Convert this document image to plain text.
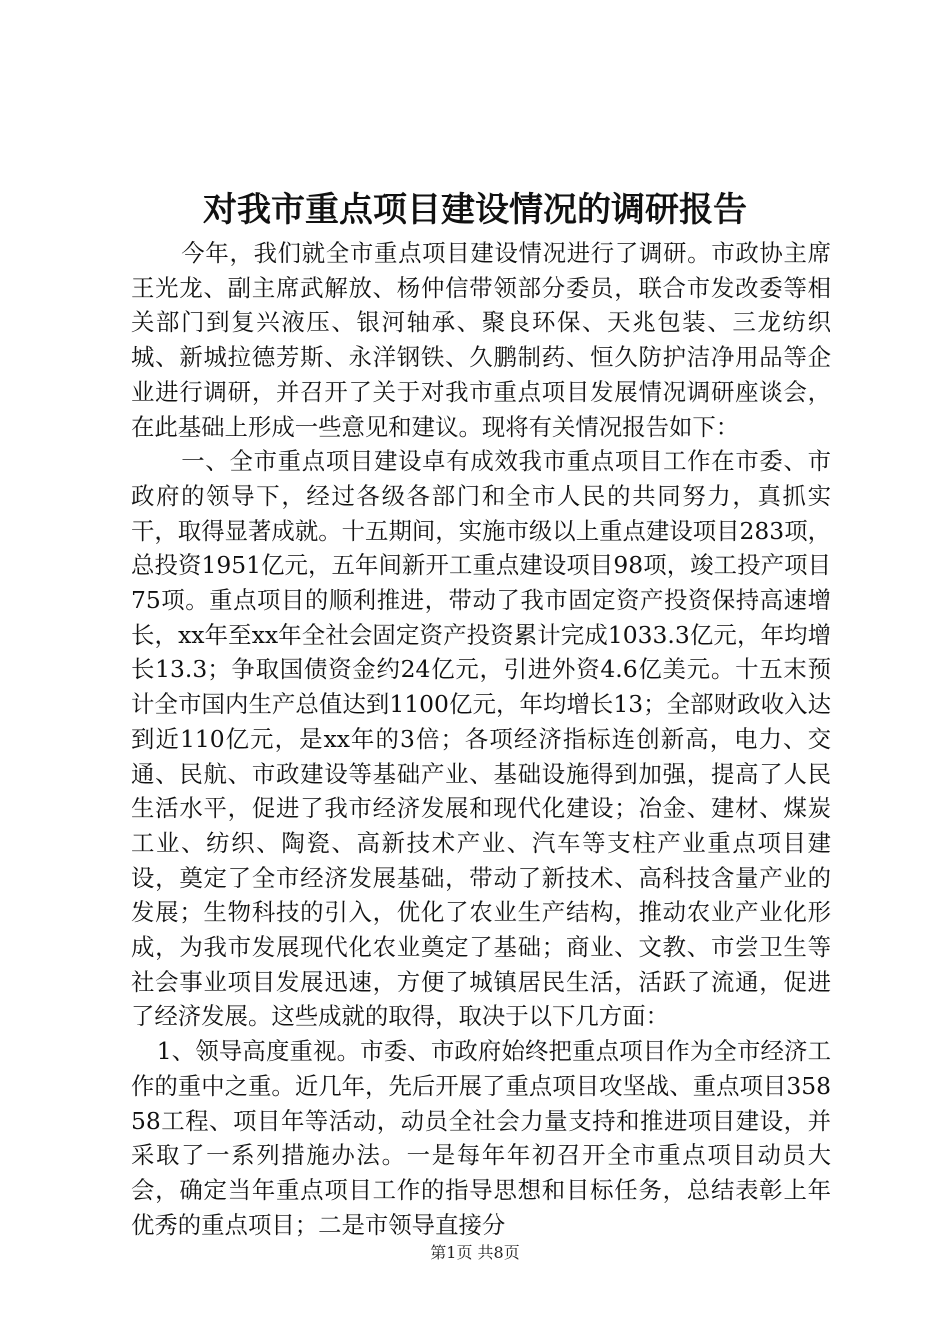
对我市重点项目建设情况的调研报告

今年，我们就全市重点项目建设情况进行了调研。市政协主席王光龙、副主席武解放、杨仲信带领部分委员，联合市发改委等相关部门到复兴液压、银河轴承、聚良环保、天兆包装、三龙纺织城、新城拉德芳斯、永洋钢铁、久鹏制药、恒久防护洁净用品等企业进行调研，并召开了关于对我市重点项目发展情况调研座谈会，在此基础上形成一些意见和建议。现将有关情况报告如下：

一、全市重点项目建设卓有成效我市重点项目工作在市委、市政府的领导下，经过各级各部门和全市人民的共同努力，真抓实干，取得显著成就。十五期间，实施市级以上重点建设项目283项，总投资1951亿元，五年间新开工重点建设项目98项，竣工投产项目75项。重点项目的顺利推进，带动了我市固定资产投资保持高速增长，xx年至xx年全社会固定资产投资累计完成1033.3亿元，年均增长13.3；争取国债资金约24亿元，引进外资4.6亿美元。十五末预计全市国内生产总值达到1100亿元，年均增长13；全部财政收入达到近110亿元，是xx年的3倍；各项经济指标连创新高，电力、交通、民航、市政建设等基础产业、基础设施得到加强，提高了人民生活水平，促进了我市经济发展和现代化建设；冶金、建材、煤炭工业、纺织、陶瓷、高新技术产业、汽车等支柱产业重点项目建设，奠定了全市经济发展基础，带动了新技术、高科技含量产业的发展；生物科技的引入，优化了农业生产结构，推动农业产业化形成，为我市发展现代化农业奠定了基础；商业、文教、市尝卫生等社会事业项目发展迅速，方便了城镇居民生活，活跃了流通，促进了经济发展。这些成就的取得，取决于以下几方面：

1、领导高度重视。市委、市政府始终把重点项目作为全市经济工作的重中之重。近几年，先后开展了重点项目攻坚战、重点项目35858工程、项目年等活动，动员全社会力量支持和推进项目建设，并采取了一系列措施办法。一是每年年初召开全市重点项目动员大会，确定当年重点项目工作的指导思想和目标任务，总结表彰上年优秀的重点项目；二是市领导直接分

第1页 共8页
